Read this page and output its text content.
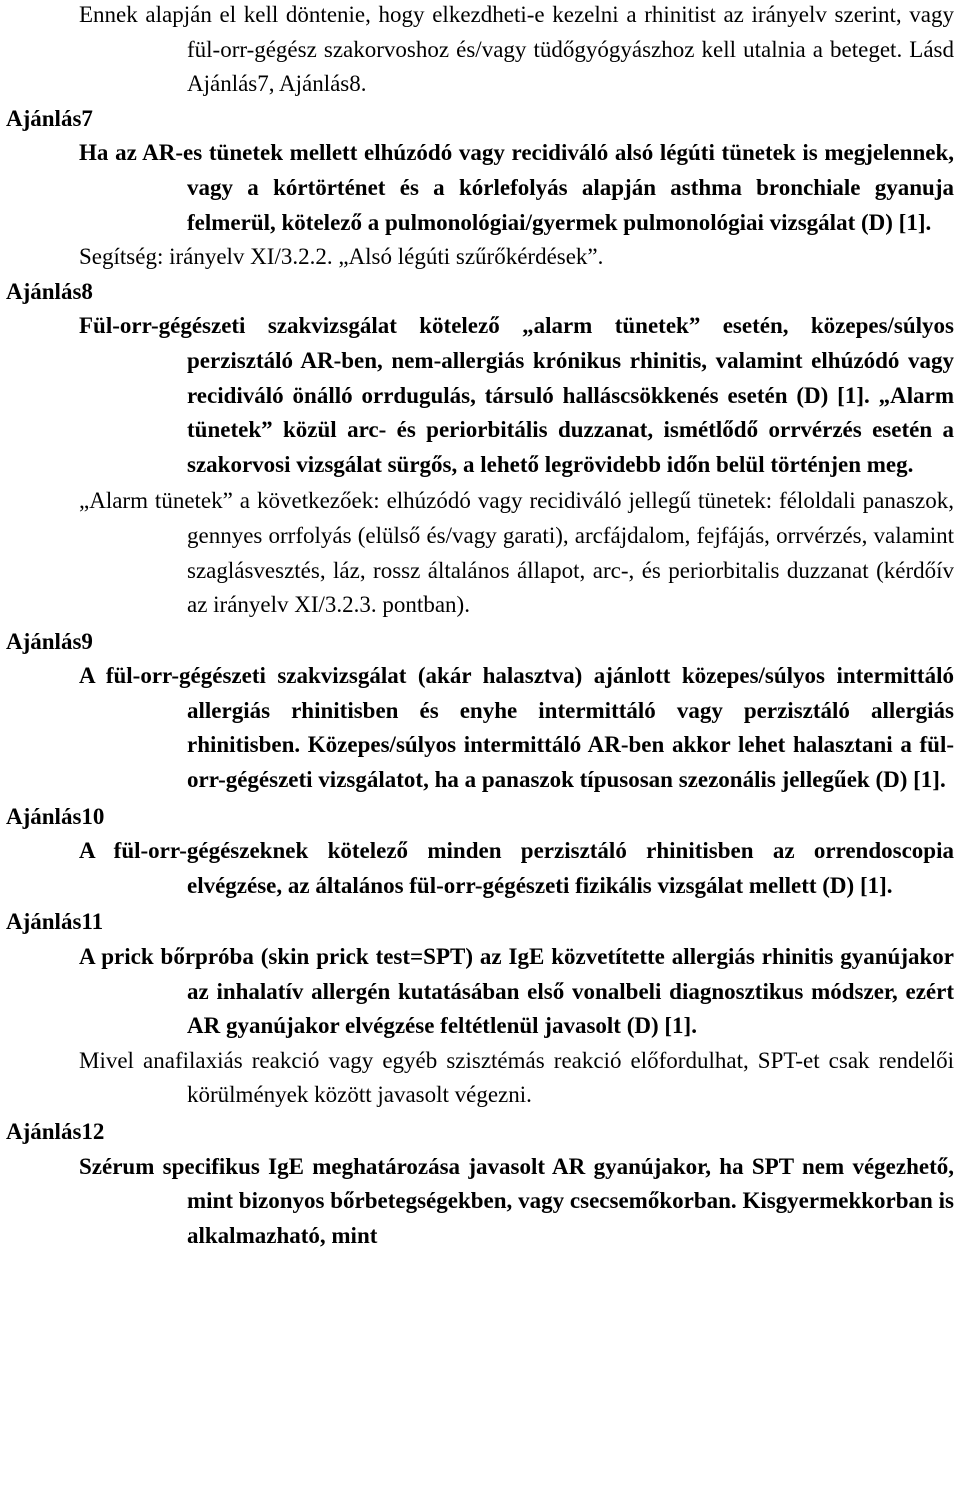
Ennek alapján el kell döntenie, hogy elkezdheti-e kezelni a rhinitist az irányelv szerint, vagy fül-orr-gégész szakorvoshoz és/vagy tüdőgyógyászhoz kell utalnia a beteget. Lásd Ajánlás7, Ajánlás8.

Ajánlás7

Ha az AR-es tünetek mellett elhúzódó vagy recidiváló alsó légúti tünetek is megjelennek, vagy a kórtörténet és a kórlefolyás alapján asthma bronchiale gyanuja felmerül, kötelező a pulmonológiai/gyermek pulmonológiai vizsgálat (D) [1].

Segítség: irányelv XI/3.2.2. „Alsó légúti szűrőkérdések”.

Ajánlás8

Fül-orr-gégészeti szakvizsgálat kötelező „alarm tünetek” esetén, közepes/súlyos perzisztáló AR-ben, nem-allergiás krónikus rhinitis, valamint elhúzódó vagy recidiváló önálló orrdugulás, társuló halláscsökkenés esetén (D) [1]. „Alarm tünetek” közül arc- és periorbitális duzzanat, ismétlődő orrvérzés esetén a szakorvosi vizsgálat sürgős, a lehető legrövidebb időn belül történjen meg.

„Alarm tünetek” a következőek: elhúzódó vagy recidiváló jellegű tünetek: féloldali panaszok, gennyes orrfolyás (elülső és/vagy garati), arcfájdalom, fejfájás, orrvérzés, valamint szaglásvesztés, láz, rossz általános állapot, arc-, és periorbitalis duzzanat (kérdőív az irányelv XI/3.2.3. pontban).

Ajánlás9

A fül-orr-gégészeti szakvizsgálat (akár halasztva) ajánlott közepes/súlyos intermittáló allergiás rhinitisben és enyhe intermittáló vagy perzisztáló allergiás rhinitisben. Közepes/súlyos intermittáló AR-ben akkor lehet halasztani a fül-orr-gégészeti vizsgálatot, ha a panaszok típusosan szezonális jellegűek (D) [1].

Ajánlás10

A fül-orr-gégészeknek kötelező minden perzisztáló rhinitisben az orrendoscopia elvégzése, az általános fül-orr-gégészeti fizikális vizsgálat mellett (D) [1].

Ajánlás11

A prick bőrpróba (skin prick test=SPT) az IgE közvetítette allergiás rhinitis gyanújakor az inhalatív allergén kutatásában első vonalbeli diagnosztikus módszer, ezért AR gyanújakor elvégzése feltétlenül javasolt (D) [1].

Mivel anafilaxiás reakció vagy egyéb szisztémás reakció előfordulhat, SPT-et csak rendelői körülmények között javasolt végezni.

Ajánlás12

Szérum specifikus IgE meghatározása javasolt AR gyanújakor, ha SPT nem végezhető, mint bizonyos bőrbetegségekben, vagy csecsemőkorban. Kisgyermekkorban is alkalmazható, mint
